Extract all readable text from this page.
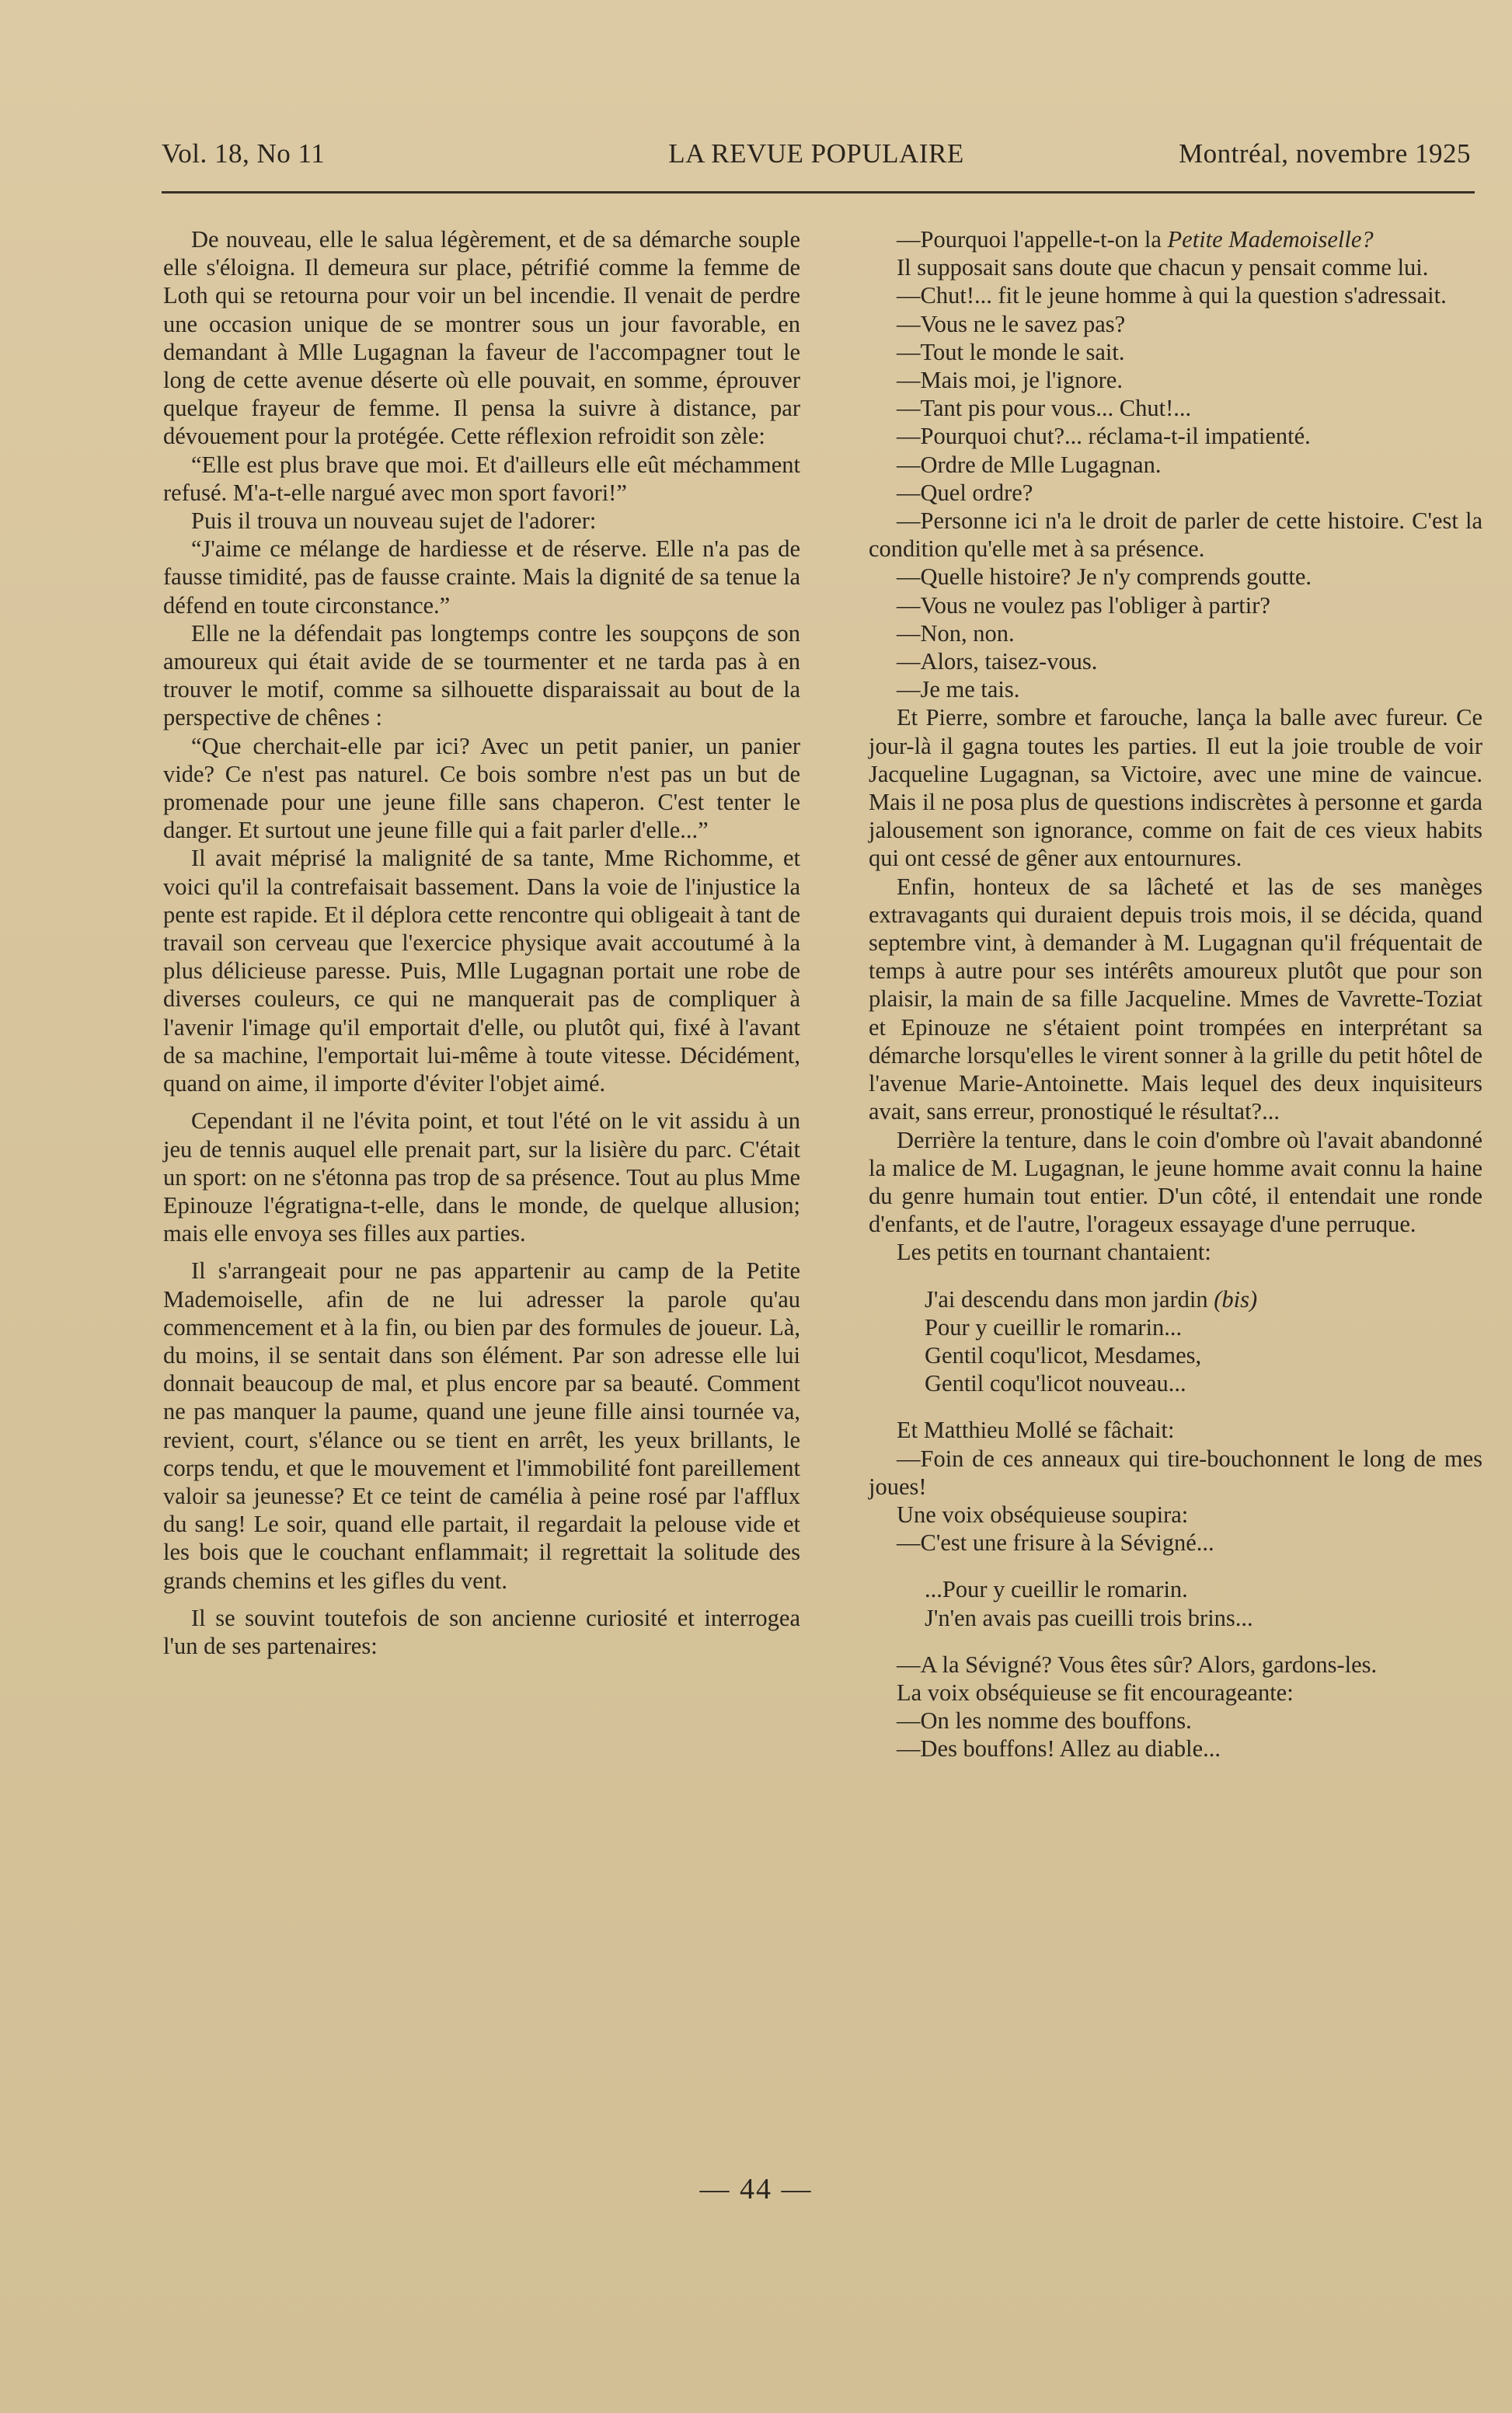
Vol. 18, No 11	LA REVUE POPULAIRE	Montréal, novembre 1925

De nouveau, elle le salua légèrement, et de sa démarche souple elle s'éloigna. Il demeura sur place, pétrifié comme la femme de Loth qui se retourna pour voir un bel incendie. Il venait de perdre une occasion unique de se montrer sous un jour favorable, en demandant à Mlle Lugagnan la faveur de l'accompagner tout le long de cette avenue déserte où elle pouvait, en somme, éprouver quelque frayeur de femme. Il pensa la suivre à distance, par dévouement pour la protégée. Cette réflexion refroidit son zèle:

“Elle est plus brave que moi. Et d'ailleurs elle eût méchamment refusé. M'a-t-elle nargué avec mon sport favori!”

Puis il trouva un nouveau sujet de l'adorer:

“J'aime ce mélange de hardiesse et de réserve. Elle n'a pas de fausse timidité, pas de fausse crainte. Mais la dignité de sa tenue la défend en toute circonstance.”

Elle ne la défendait pas longtemps contre les soupçons de son amoureux qui était avide de se tourmenter et ne tarda pas à en trouver le motif, comme sa silhouette disparaissait au bout de la perspective de chênes :

“Que cherchait-elle par ici? Avec un petit panier, un panier vide? Ce n'est pas naturel. Ce bois sombre n'est pas un but de promenade pour une jeune fille sans chaperon. C'est tenter le danger. Et surtout une jeune fille qui a fait parler d'elle...”

Il avait méprisé la malignité de sa tante, Mme Richomme, et voici qu'il la contrefaisait bassement. Dans la voie de l'injustice la pente est rapide. Et il déplora cette rencontre qui obligeait à tant de travail son cerveau que l'exercice physique avait accoutumé à la plus délicieuse paresse. Puis, Mlle Lugagnan portait une robe de diverses couleurs, ce qui ne manquerait pas de compliquer à l'avenir l'image qu'il emportait d'elle, ou plutôt qui, fixé à l'avant de sa machine, l'emportait lui-même à toute vitesse. Décidément, quand on aime, il importe d'éviter l'objet aimé.

Cependant il ne l'évita point, et tout l'été on le vit assidu à un jeu de tennis auquel elle prenait part, sur la lisière du parc. C'était un sport: on ne s'étonna pas trop de sa présence. Tout au plus Mme Epinouze l'égratigna-t-elle, dans le monde, de quelque allusion; mais elle envoya ses filles aux parties.

Il s'arrangeait pour ne pas appartenir au camp de la Petite Mademoiselle, afin de ne lui adresser la parole qu'au commencement et à la fin, ou bien par des formules de joueur. Là, du moins, il se sentait dans son élément. Par son adresse elle lui donnait beaucoup de mal, et plus encore par sa beauté. Comment ne pas manquer la paume, quand une jeune fille ainsi tournée va, revient, court, s'élance ou se tient en arrêt, les yeux brillants, le corps tendu, et que le mouvement et l'immobilité font pareillement valoir sa jeunesse? Et ce teint de camélia à peine rosé par l'afflux du sang! Le soir, quand elle partait, il regardait la pelouse vide et les bois que le couchant enflammait; il regrettait la solitude des grands chemins et les gifles du vent.

Il se souvint toutefois de son ancienne curiosité et interrogea l'un de ses partenaires:

—Pourquoi l'appelle-t-on la Petite Mademoiselle?

Il supposait sans doute que chacun y pensait comme lui.

—Chut!... fit le jeune homme à qui la question s'adressait.

—Vous ne le savez pas?

—Tout le monde le sait.

—Mais moi, je l'ignore.

—Tant pis pour vous... Chut!...

—Pourquoi chut?... réclama-t-il impatienté.

—Ordre de Mlle Lugagnan.

—Quel ordre?

—Personne ici n'a le droit de parler de cette histoire. C'est la condition qu'elle met à sa présence.

—Quelle histoire? Je n'y comprends goutte.

—Vous ne voulez pas l'obliger à partir?

—Non, non.

—Alors, taisez-vous.

—Je me tais.

Et Pierre, sombre et farouche, lança la balle avec fureur. Ce jour-là il gagna toutes les parties. Il eut la joie trouble de voir Jacqueline Lugagnan, sa Victoire, avec une mine de vaincue. Mais il ne posa plus de questions indiscrètes à personne et garda jalousement son ignorance, comme on fait de ces vieux habits qui ont cessé de gêner aux entournures.

Enfin, honteux de sa lâcheté et las de ses manèges extravagants qui duraient depuis trois mois, il se décida, quand septembre vint, à demander à M. Lugagnan qu'il fréquentait de temps à autre pour ses intérêts amoureux plutôt que pour son plaisir, la main de sa fille Jacqueline. Mmes de Vavrette-Toziat et Epinouze ne s'étaient point trompées en interprétant sa démarche lorsqu'elles le virent sonner à la grille du petit hôtel de l'avenue Marie-Antoinette. Mais lequel des deux inquisiteurs avait, sans erreur, pronostiqué le résultat?...

Derrière la tenture, dans le coin d'ombre où l'avait abandonné la malice de M. Lugagnan, le jeune homme avait connu la haine du genre humain tout entier. D'un côté, il entendait une ronde d'enfants, et de l'autre, l'orageux essayage d'une perruque.

Les petits en tournant chantaient:

J'ai descendu dans mon jardin (bis)
Pour y cueillir le romarin...
Gentil coqu'licot, Mesdames,
Gentil coqu'licot nouveau...

Et Matthieu Mollé se fâchait:

—Foin de ces anneaux qui tire-bouchonnent le long de mes joues!

Une voix obséquieuse soupira:

—C'est une frisure à la Sévigné...

...Pour y cueillir le romarin.
J'n'en avais pas cueilli trois brins...

—A la Sévigné? Vous êtes sûr? Alors, gardons-les.

La voix obséquieuse se fit encourageante:

—On les nomme des bouffons.

—Des bouffons! Allez au diable...

— 44 —
